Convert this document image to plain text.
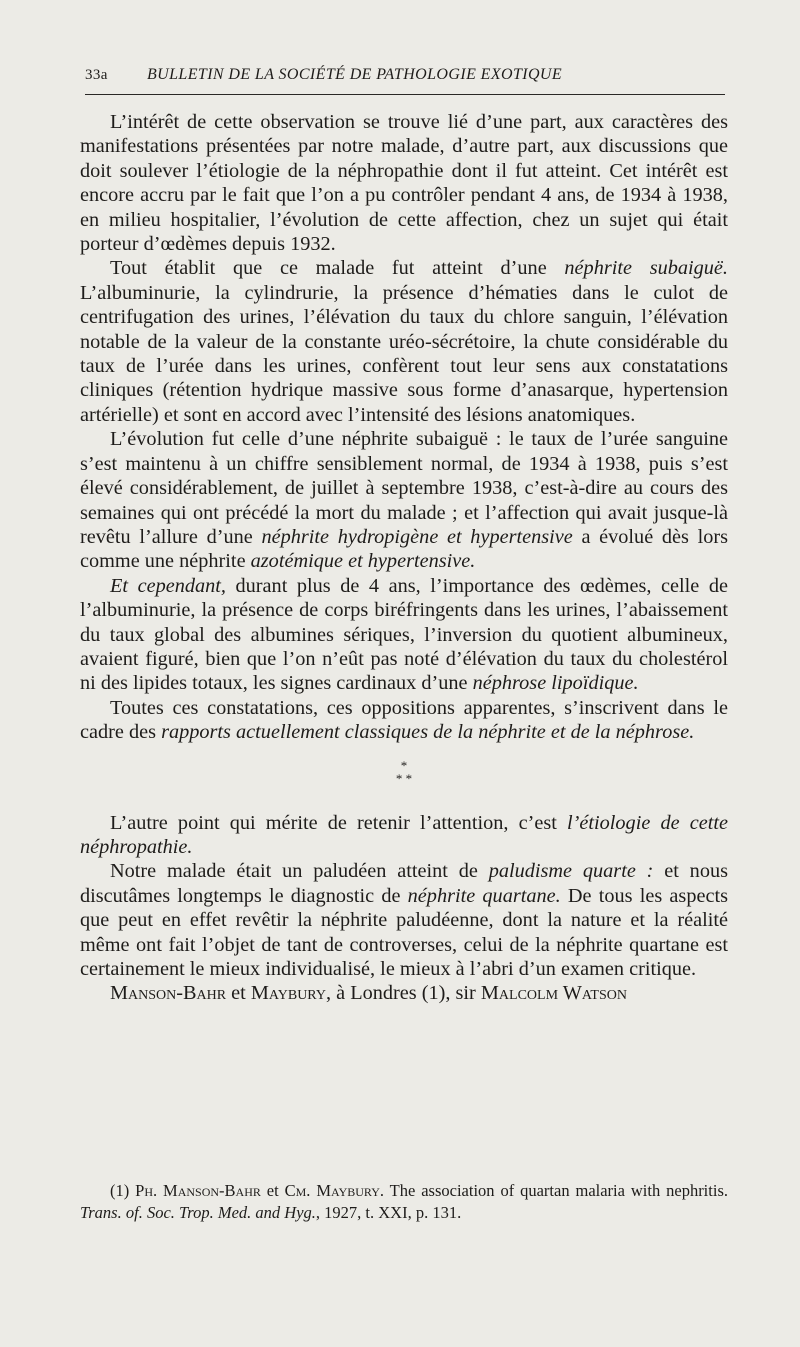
33a BULLETIN DE LA SOCIÉTÉ DE PATHOLOGIE EXOTIQUE

L’intérêt de cette observation se trouve lié d’une part, aux caractères des manifestations présentées par notre malade, d’autre part, aux discussions que doit soulever l’étiologie de la néphropathie dont il fut atteint. Cet intérêt est encore accru par le fait que l’on a pu contrôler pendant 4 ans, de 1934 à 1938, en milieu hospitalier, l’évolution de cette affection, chez un sujet qui était porteur d’œdèmes depuis 1932.

Tout établit que ce malade fut atteint d’une néphrite subaiguë. L’albuminurie, la cylindrurie, la présence d’hématies dans le culot de centrifugation des urines, l’élévation du taux du chlore sanguin, l’élévation notable de la valeur de la constante uréo-sécrétoire, la chute considérable du taux de l’urée dans les urines, confèrent tout leur sens aux constatations cliniques (rétention hydrique massive sous forme d’anasarque, hypertension artérielle) et sont en accord avec l’intensité des lésions anatomiques.

L’évolution fut celle d’une néphrite subaiguë : le taux de l’urée sanguine s’est maintenu à un chiffre sensiblement normal, de 1934 à 1938, puis s’est élevé considérablement, de juillet à septembre 1938, c’est-à-dire au cours des semaines qui ont précédé la mort du malade ; et l’affection qui avait jusque-là revêtu l’allure d’une néphrite hydropigène et hypertensive a évolué dès lors comme une néphrite azotémique et hypertensive.

Et cependant, durant plus de 4 ans, l’importance des œdèmes, celle de l’albuminurie, la présence de corps biréfringents dans les urines, l’abaissement du taux global des albumines sériques, l’inversion du quotient albumineux, avaient figuré, bien que l’on n’eût pas noté d’élévation du taux du cholestérol ni des lipides totaux, les signes cardinaux d’une néphrose lipoïdique.

Toutes ces constatations, ces oppositions apparentes, s’inscrivent dans le cadre des rapports actuellement classiques de la néphrite et de la néphrose.

*
* *

L’autre point qui mérite de retenir l’attention, c’est l’étiologie de cette néphropathie.

Notre malade était un paludéen atteint de paludisme quarte : et nous discutâmes longtemps le diagnostic de néphrite quartane. De tous les aspects que peut en effet revêtir la néphrite paludéenne, dont la nature et la réalité même ont fait l’objet de tant de controverses, celui de la néphrite quartane est certainement le mieux individualisé, le mieux à l’abri d’un examen critique.

Manson-Bahr et Maybury, à Londres (1), sir Malcolm Watson

(1) Ph. Manson-Bahr et Cm. Maybury. The association of quartan malaria with nephritis. Trans. of. Soc. Trop. Med. and Hyg., 1927, t. XXI, p. 131.
